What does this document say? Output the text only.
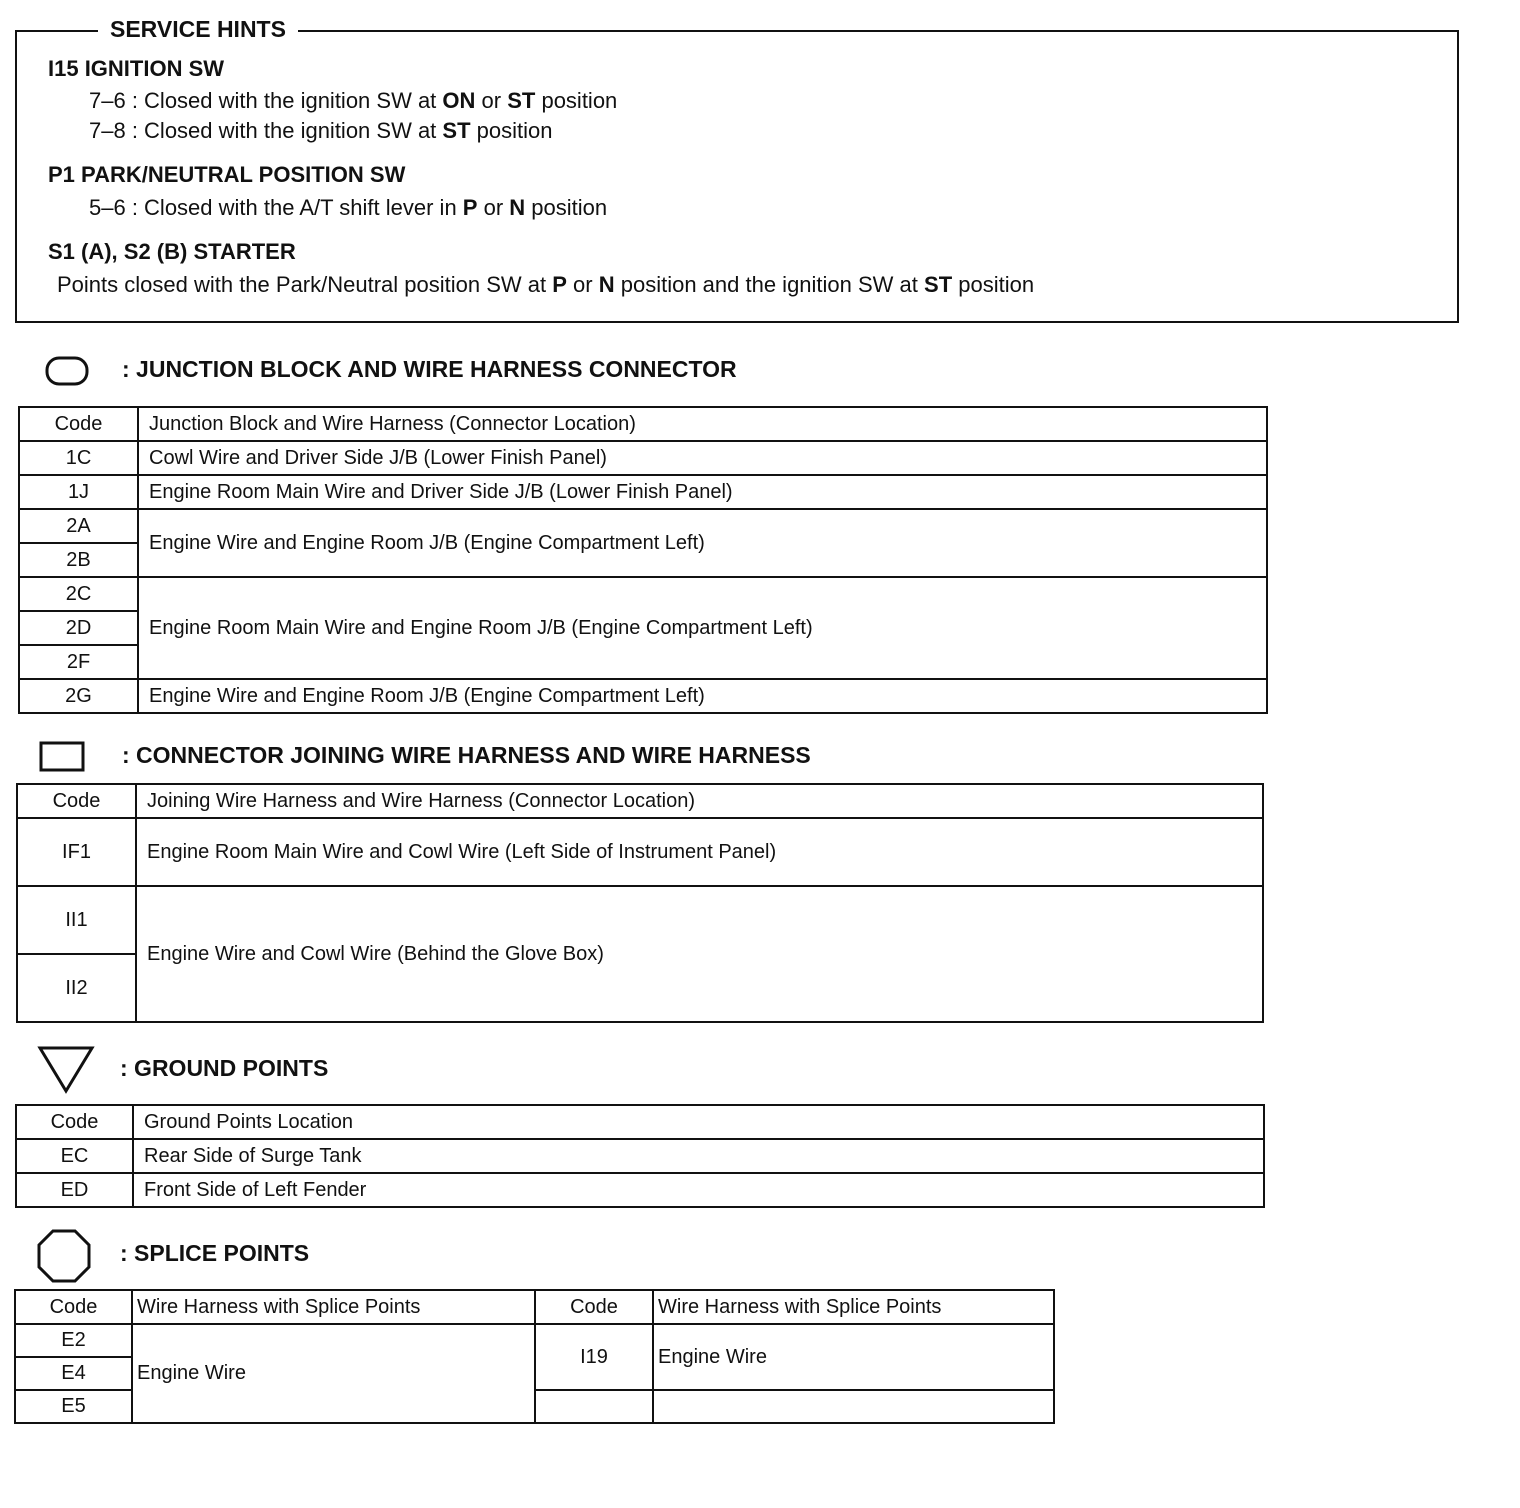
SERVICE HINTS
I15 IGNITION SW
7–6 : Closed with the ignition SW at ON or ST position
7–8 : Closed with the ignition SW at ST position
P1 PARK/NEUTRAL POSITION SW
5–6 : Closed with the A/T shift lever in P or N position
S1 (A), S2 (B) STARTER
Points closed with the Park/Neutral position SW at P or N position and the ignition SW at ST position
: JUNCTION BLOCK AND WIRE HARNESS CONNECTOR
Code	Junction Block and Wire Harness (Connector Location)
1C	Cowl Wire and Driver Side J/B (Lower Finish Panel)
1J	Engine Room Main Wire and Driver Side J/B (Lower Finish Panel)
2A	Engine Wire and Engine Room J/B (Engine Compartment Left)
2B	
2C	Engine Room Main Wire and Engine Room J/B (Engine Compartment Left)
2D	
2F	
2G	Engine Wire and Engine Room J/B (Engine Compartment Left)
: CONNECTOR JOINING WIRE HARNESS AND WIRE HARNESS
Code	Joining Wire Harness and Wire Harness (Connector Location)
IF1	Engine Room Main Wire and Cowl Wire (Left Side of Instrument Panel)
II1	Engine Wire and Cowl Wire (Behind the Glove Box)
II2	
: GROUND POINTS
Code	Ground Points Location
EC	Rear Side of Surge Tank
ED	Front Side of Left Fender
: SPLICE POINTS
Code	Wire Harness with Splice Points	Code	Wire Harness with Splice Points
E2	Engine Wire	I19	Engine Wire
E4			
E5			
